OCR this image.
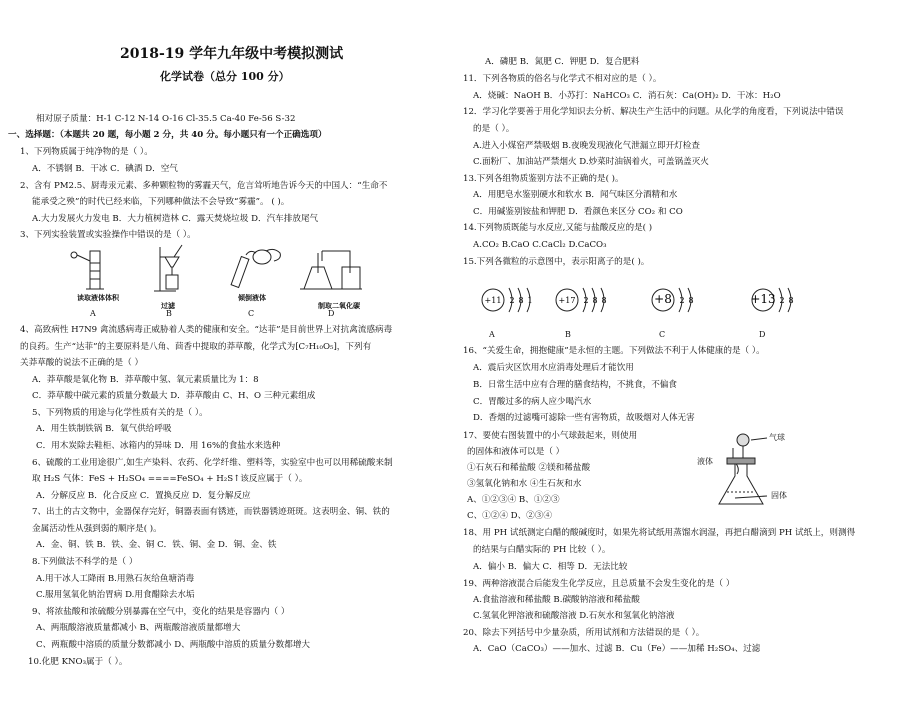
2018-19 学年九年级中考模拟测试
化学试卷（总分 100 分）
相对原子质量：H-1 C-12 N-14 O-16 Cl-35.5 Ca-40 Fe-56 S-32
一、选择题：（本题共 20 题，每小题 2 分，共 40 分。每小题只有一个正确选项）
1、下列物质属于纯净物的是（ ）。
A．不锈钢 B．干冰 C．碘酒 D．空气
2、含有 PM2.5、厨毒汞元素、多种颗粒物的雾霾天气，危言耸听地告诉今天的中国人：“生命不
能承受之殃”的时代已经来临，下列哪种做法不会导致“雾霾”。 ( )。
A.大力发展火力发电 B．大力植树造林 C．露天焚烧垃圾 D．汽车排放尾气
3、下列实验装置或实验操作中错误的是（ ）。
读取液体体积
过滤
倾倒液体
制取二氧化碳
A	B	C	D
4、高致病性 H7N9 禽流感病毒正威胁着人类的健康和安全。“达菲”是目前世界上对抗禽流感病毒
的良药。生产“达菲”的主要原料是八角、茴香中提取的莽草酸，化学式为[C₇H₁₀O₅]，下列有
关莽草酸的说法不正确的是（ ）
A．莽草酸是氧化物 B．莽草酸中氢、氧元素质量比为 1：8
C．莽草酸中碳元素的质量分数最大 D．莽草酸由 C、H、O 三种元素组成
5、下列物质的用途与化学性质有关的是（ ）。
A．用生铁制铁锅 B．氧气供给呼吸
C．用木炭除去鞋柜、冰箱内的异味 D．用 16%的食盐水来选种
6、硫酸的工业用途很广,如生产染料、农药、化学纤维、塑料等，实验室中也可以用稀硫酸来制
取 H₂S 气体：FeS + H₂SO₄ ====FeSO₄ + H₂S↑该反应属于（ ）。
A．分解反应 B．化合反应 C．置换反应 D．复分解反应
7、出土的古文物中，金器保存完好，铜器表面有锈迹，而铁器锈迹斑斑。这表明金、铜、铁的
金属活动性从强到弱的顺序是( )。
A．金、铜、铁 B．铁、金、铜 C．铁、铜、金 D．铜、金、铁
8.下列做法不科学的是（ ）
A.用干冰人工降雨 B.用熟石灰给鱼塘消毒
C.服用氢氧化钠治胃病 D.用食醋除去水垢
9、将浓盐酸和浓硫酸分别暴露在空气中，变化的结果是容器内（ ）
A、两瓶酸溶液质量都减小 B、两瓶酸溶液质量都增大
C、两瓶酸中溶质的质量分数都减小 D、两瓶酸中溶质的质量分数都增大
10.化肥 KNO₃属于（ ）。
A．磷肥 B．氮肥 C．钾肥 D．复合肥料
11．下列各物质的俗名与化学式不相对应的是（ ）。
A．烧碱：NaOH B．小苏打：NaHCO₃ C．消石灰：Ca(OH)₂ D．干冰：H₂O
12．学习化学要善于用化学知识去分析、解决生产生活中的问题。从化学的角度看，下列说法中错误
的是（ ）。
A.进入小煤窑严禁吸烟 B.夜晚发现液化气泄漏立即开灯检查
C.面粉厂、加油站严禁烟火 D.炒菜时油锅着火，可盖锅盖灭火
13.下列各组物质鉴别方法不正确的是( )。
A．用肥皂水鉴别硬水和软水 B．闻气味区分酒精和水
C．用碱鉴别铵盐和钾肥 D．看颜色来区分 CO₂ 和 CO
14.下列物质既能与水反应,又能与盐酸反应的是( )
A.CO₂ B.CaO C.CaCl₂ D.CaCO₃
15.下列各微粒的示意图中，表示阳离子的是( )。
+11 2 8 1	+17 2 8 8	+8 2 8	+13 2 8
A	B	C	D
16、“关爱生命，拥抱健康”是永恒的主题。下列做法不利于人体健康的是（ ）。
A．震后灾区饮用水应消毒处理后才能饮用
B．日常生活中应有合理的膳食结构，不挑食，不偏食
C．胃酸过多的病人应少喝汽水
D．香烟的过滤嘴可滤除一些有害物质，故吸烟对人体无害
17、要使右图装置中的小气球鼓起来，则使用
的固体和液体可以是（ ）
①石灰石和稀盐酸 ②镁和稀盐酸
③氢氧化钠和水 ④生石灰和水
A、①②③④ B、①②③
C、①②④ D、②③④
气球
液体
固体
18、用 PH 试纸测定白醋的酸碱度时，如果先将试纸用蒸馏水润湿，再把白醋滴到 PH 试纸上，则测得
的结果与白醋实际的 PH 比较（ ）。
A．偏小 B．偏大 C．相等 D．无法比较
19、两种溶液混合后能发生化学反应，且总质量不会发生变化的是（ ）
A.食盐溶液和稀盐酸 B.碳酸钠溶液和稀盐酸
C.氢氧化钾溶液和硫酸溶液 D.石灰水和氢氧化钠溶液
20、除去下列括号中少量杂质，所用试剂和方法错误的是（ ）。
A．CaO（CaCO₃）——加水、过滤 B．Cu（Fe）——加稀 H₂SO₄、过滤
